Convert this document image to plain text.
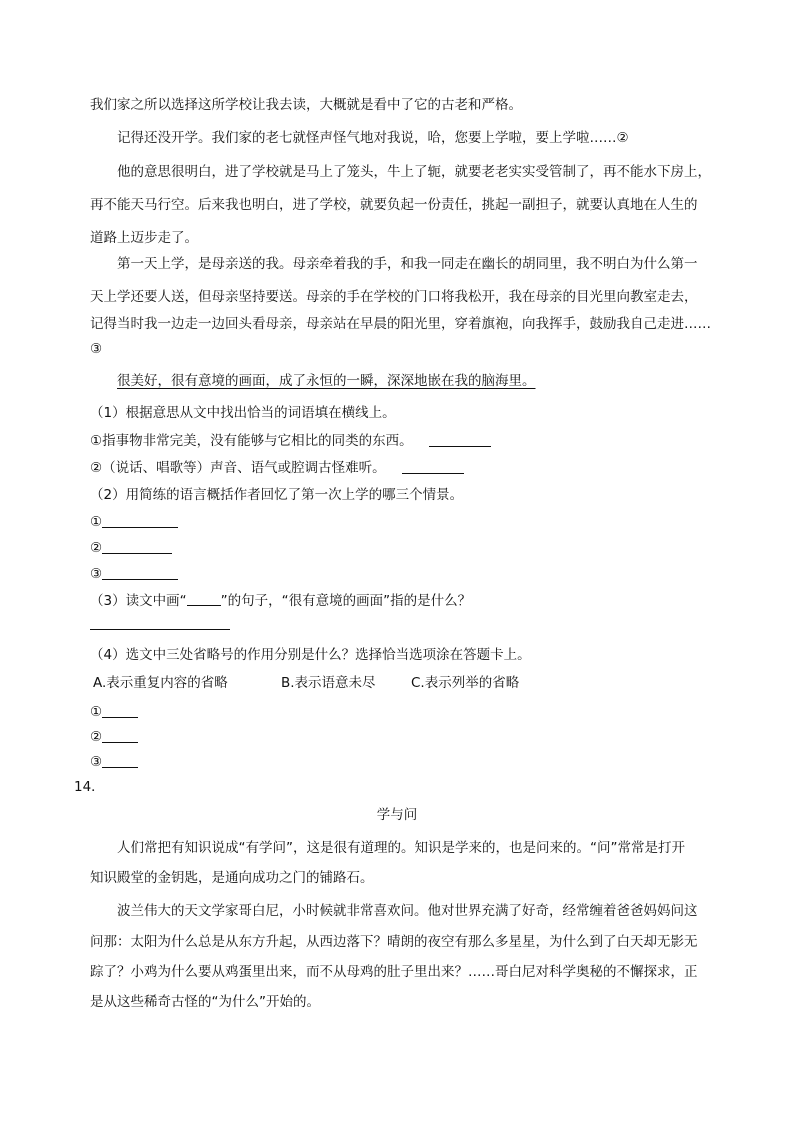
我们家之所以选择这所学校让我去读，大概就是看中了它的古老和严格。
记得还没开学。我们家的老七就怪声怪气地对我说，哈，您要上学啦，要上学啦……②
他的意思很明白，进了学校就是马上了笼头，牛上了轭，就要老老实实受管制了，再不能水下房上，
再不能天马行空。后来我也明白，进了学校，就要负起一份责任，挑起一副担子，就要认真地在人生的
道路上迈步走了。
第一天上学，是母亲送的我。母亲牵着我的手，和我一同走在幽长的胡同里，我不明白为什么第一
天上学还要人送，但母亲坚持要送。母亲的手在学校的门口将我松开，我在母亲的目光里向教室走去，
记得当时我一边走一边回头看母亲，母亲站在早晨的阳光里，穿着旗袍，向我挥手，鼓励我自己走进……
③
很美好，很有意境的画面，成了永恒的一瞬，深深地嵌在我的脑海里。
（1）根据意思从文中找出恰当的词语填在横线上。
①指事物非常完美，没有能够与它相比的同类的东西。
②（说话、唱歌等）声音、语气或腔调古怪难听。
（2）用简练的语言概括作者回忆了第一次上学的哪三个情景。
①
②
③
（3）读文中画“	”的句子，“很有意境的画面”指的是什么？
（4）选文中三处省略号的作用分别是什么？选择恰当选项涂在答题卡上。
A.表示重复内容的省略	B.表示语意未尽	C.表示列举的省略
①
②
③
14．
学与问
人们常把有知识说成“有学问”，这是很有道理的。知识是学来的，也是问来的。“问”常常是打开
知识殿堂的金钥匙，是通向成功之门的铺路石。
波兰伟大的天文学家哥白尼，小时候就非常喜欢问。他对世界充满了好奇，经常缠着爸爸妈妈问这
问那：太阳为什么总是从东方升起，从西边落下？晴朗的夜空有那么多星星，为什么到了白天却无影无
踪了？小鸡为什么要从鸡蛋里出来，而不从母鸡的肚子里出来？……哥白尼对科学奥秘的不懈探求，正
是从这些稀奇古怪的“为什么”开始的。
